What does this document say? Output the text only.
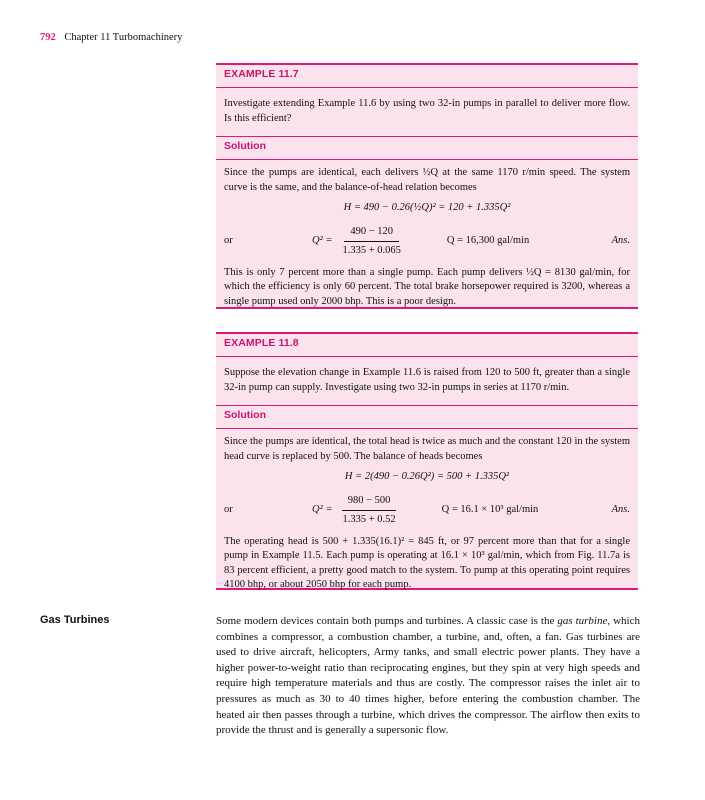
792 Chapter 11 Turbomachinery
EXAMPLE 11.7
Investigate extending Example 11.6 by using two 32-in pumps in parallel to deliver more flow. Is this efficient?
Solution
Since the pumps are identical, each delivers ½Q at the same 1170 r/min speed. The system curve is the same, and the balance-of-head relation becomes
H = 490 − 0.26(½Q)² = 120 + 1.335Q²
or	$Q^2 = \frac{490 - 120}{1.335 + 0.065}$	Q = 16,300 gal/min	Ans.
This is only 7 percent more than a single pump. Each pump delivers ½Q = 8130 gal/min, for which the efficiency is only 60 percent. The total brake horsepower required is 3200, whereas a single pump used only 2000 bhp. This is a poor design.
EXAMPLE 11.8
Suppose the elevation change in Example 11.6 is raised from 120 to 500 ft, greater than a single 32-in pump can supply. Investigate using two 32-in pumps in series at 1170 r/min.
Solution
Since the pumps are identical, the total head is twice as much and the constant 120 in the system head curve is replaced by 500. The balance of heads becomes
H = 2(490 − 0.26Q²) = 500 + 1.335Q²
or	$Q^2 = \frac{980 - 500}{1.335 + 0.52}$	Q = 16.1 × 10³ gal/min	Ans.
The operating head is 500 + 1.335(16.1)² = 845 ft, or 97 percent more than that for a single pump in Example 11.5. Each pump is operating at 16.1 × 10³ gal/min, which from Fig. 11.7a is 83 percent efficient, a pretty good match to the system. To pump at this operating point requires 4100 bhp, or about 2050 bhp for each pump.
Gas Turbines	Some modern devices contain both pumps and turbines. A classic case is the gas turbine, which combines a compressor, a combustion chamber, a turbine, and, often, a fan. Gas turbines are used to drive aircraft, helicopters, Army tanks, and small electric power plants. They have a higher power-to-weight ratio than reciprocating engines, but they spin at very high speeds and require high temperature materials and thus are costly. The compressor raises the inlet air to pressures as much as 30 to 40 times higher, before entering the combustion chamber. The heated air then passes through a turbine, which drives the compressor. The airflow then exits to provide the thrust and is generally a supersonic flow.
